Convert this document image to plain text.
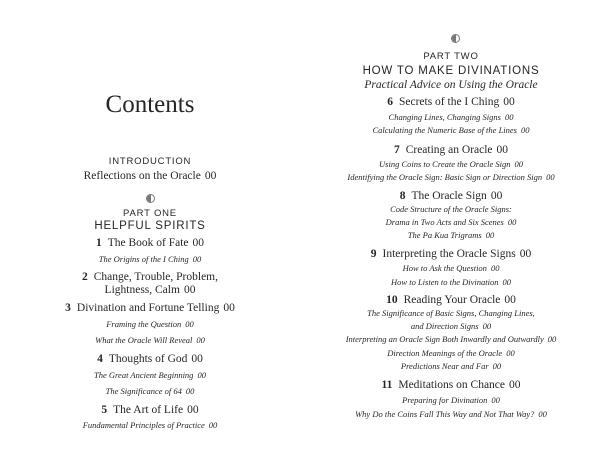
Contents
INTRODUCTION
Reflections on the Oracle 00
PART ONE
HELPFUL SPIRITS
1 The Book of Fate 00
The Origins of the I Ching 00
2 Change, Trouble, Problem,
Lightness, Calm 00
3 Divination and Fortune Telling 00
Framing the Question 00
What the Oracle Will Reveal 00
4 Thoughts of God 00
The Great Ancient Beginning 00
The Significance of 64 00
5 The Art of Life 00
Fundamental Principles of Practice 00
PART TWO
HOW TO MAKE DIVINATIONS
Practical Advice on Using the Oracle
6 Secrets of the I Ching 00
Changing Lines, Changing Signs 00
Calculating the Numeric Base of the Lines 00
7 Creating an Oracle 00
Using Coins to Create the Oracle Sign 00
Identifying the Oracle Sign: Basic Sign or Direction Sign 00
8 The Oracle Sign 00
Code Structure of the Oracle Signs:
Drama in Two Acts and Six Scenes 00
The Pa Kua Trigrams 00
9 Interpreting the Oracle Signs 00
How to Ask the Question 00
How to Listen to the Divination 00
10 Reading Your Oracle 00
The Significance of Basic Signs, Changing Lines,
and Direction Signs 00
Interpreting an Oracle Sign Both Inwardly and Outwardly 00
Direction Meanings of the Oracle 00
Predictions Near and Far 00
11 Meditations on Chance 00
Preparing for Divination 00
Why Do the Coins Fall This Way and Not That Way? 00
